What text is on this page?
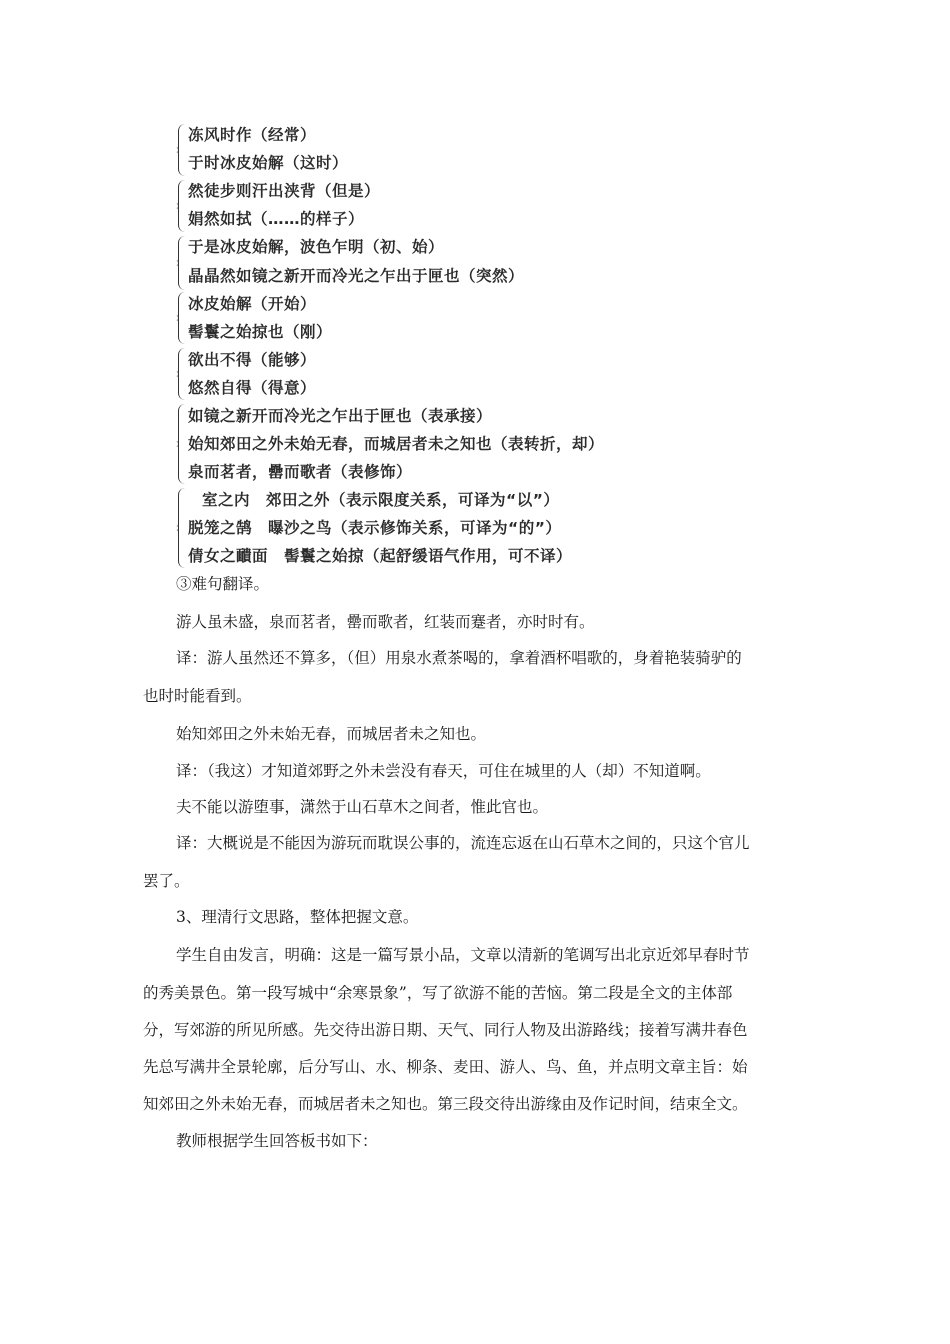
冻风时作（经常）
于时冰皮始解（这时）
然徒步则汗出浃背（但是）
娟然如拭（……的样子）
于是冰皮始解，波色乍明（初、始）
晶晶然如镜之新开而冷光之乍出于匣也（突然）
冰皮始解（开始）
髻鬟之始掠也（刚）
欲出不得（能够）
悠然自得（得意）
如镜之新开而冷光之乍出于匣也（表承接）
始知郊田之外未始无春，而城居者未之知也（表转折，却）
泉而茗者，罍而歌者（表修饰）
室之内　郊田之外（表示限度关系，可译为“以”）
脱笼之鹄　曝沙之鸟（表示修饰关系，可译为“的”）
倩女之靧面　髻鬟之始掠（起舒缓语气作用，可不译）
③难句翻译。
游人虽未盛，泉而茗者，罍而歌者，红装而蹇者，亦时时有。
译：游人虽然还不算多，（但）用泉水煮茶喝的，拿着酒杯唱歌的，身着艳装骑驴的
也时时能看到。
始知郊田之外未始无春，而城居者未之知也。
译：（我这）才知道郊野之外未尝没有春天，可住在城里的人（却）不知道啊。
夫不能以游堕事，潇然于山石草木之间者，惟此官也。
译：大概说是不能因为游玩而耽误公事的，流连忘返在山石草木之间的，只这个官儿
罢了。
3、理清行文思路，整体把握文意。
学生自由发言，明确：这是一篇写景小品，文章以清新的笔调写出北京近郊早春时节
的秀美景色。第一段写城中“余寒景象”，写了欲游不能的苦恼。第二段是全文的主体部
分，写郊游的所见所感。先交待出游日期、天气、同行人物及出游路线；接着写满井春色
先总写满井全景轮廓，后分写山、水、柳条、麦田、游人、鸟、鱼，并点明文章主旨：始
知郊田之外未始无春，而城居者未之知也。第三段交待出游缘由及作记时间，结束全文。
教师根据学生回答板书如下：
